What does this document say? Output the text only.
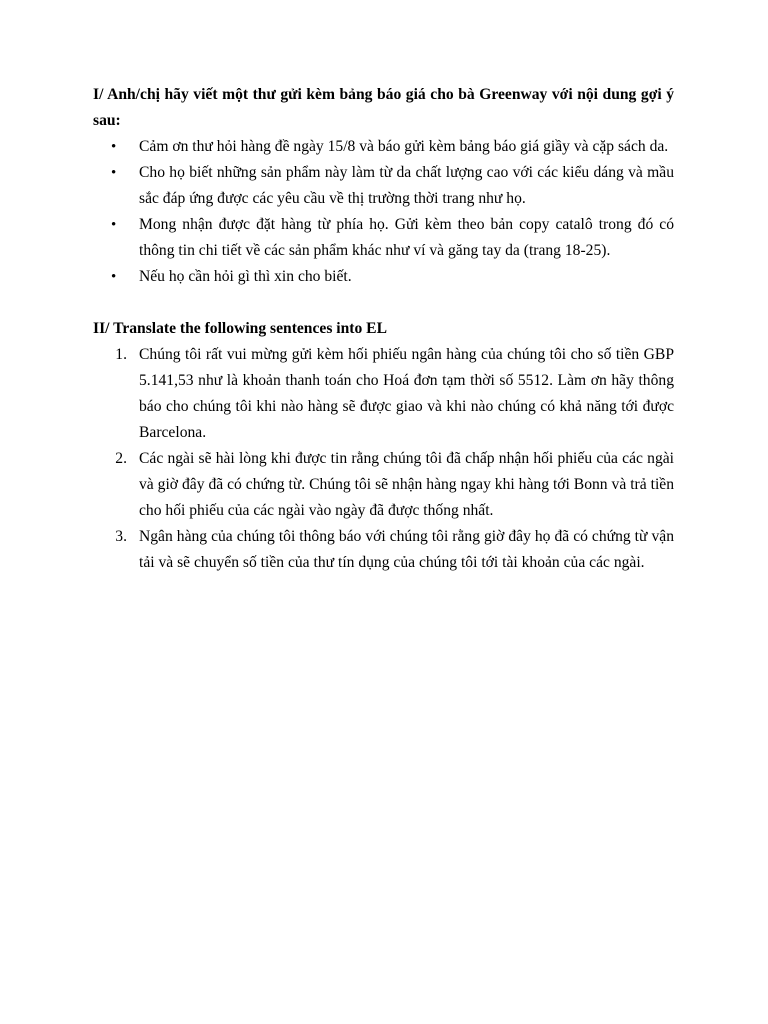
I/ Anh/chị hãy viết một thư gửi kèm bảng báo giá cho bà Greenway với nội dung gợi ý sau:

• Cảm ơn thư hỏi hàng đề ngày 15/8 và báo gửi kèm bảng báo giá giầy và cặp sách da.
• Cho họ biết những sản phẩm này làm từ da chất lượng cao với các kiểu dáng và mầu sắc đáp ứng được các yêu cầu về thị trường thời trang như họ.
• Mong nhận được đặt hàng từ phía họ. Gửi kèm theo bản copy catalô trong đó có thông tin chi tiết về các sản phẩm khác như ví và găng tay da (trang 18-25).
• Nếu họ cần hỏi gì thì xin cho biết.

II/ Translate the following sentences into EL

1. Chúng tôi rất vui mừng gửi kèm hối phiếu ngân hàng của chúng tôi cho số tiền GBP 5.141,53 như là khoản thanh toán cho Hoá đơn tạm thời số 5512. Làm ơn hãy thông báo cho chúng tôi khi nào hàng sẽ được giao và khi nào chúng có khả năng tới được Barcelona.
2. Các ngài sẽ hài lòng khi được tin rằng chúng tôi đã chấp nhận hối phiếu của các ngài và giờ đây đã có chứng từ. Chúng tôi sẽ nhận hàng ngay khi hàng tới Bonn và trả tiền cho hối phiếu của các ngài vào ngày đã được thống nhất.
3. Ngân hàng của chúng tôi thông báo với chúng tôi rằng giờ đây họ đã có chứng từ vận tải và sẽ chuyển số tiền của thư tín dụng của chúng tôi tới tài khoản của các ngài.
